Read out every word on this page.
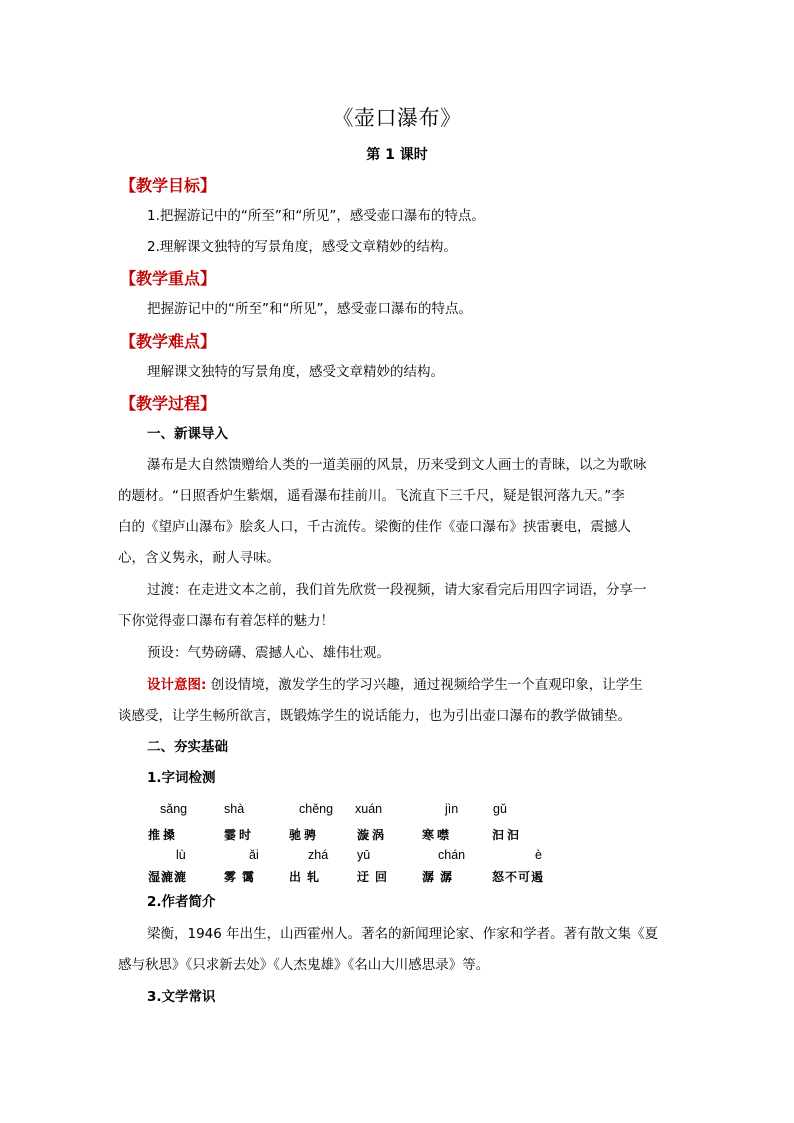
《壶口瀑布》
第 1 课时
【教学目标】
1.把握游记中的“所至”和“所见”，感受壶口瀑布的特点。
2.理解课文独特的写景角度，感受文章精妙的结构。
【教学重点】
把握游记中的“所至”和“所见”，感受壶口瀑布的特点。
【教学难点】
理解课文独特的写景角度，感受文章精妙的结构。
【教学过程】
一、新课导入
瀑布是大自然馈赠给人类的一道美丽的风景，历来受到文人画士的青睐，以之为歌咏
的题材。“日照香炉生紫烟，遥看瀑布挂前川。飞流直下三千尺，疑是银河落九天。”李
白的《望庐山瀑布》脍炙人口，千古流传。梁衡的佳作《壶口瀑布》挟雷裹电，震撼人
心，含义隽永，耐人寻味。
过渡：在走进文本之前，我们首先欣赏一段视频，请大家看完后用四字词语，分享一
下你觉得壶口瀑布有着怎样的魅力！
预设：气势磅礴、震撼人心、雄伟壮观。
设计意图: 创设情境，激发学生的学习兴趣，通过视频给学生一个直观印象，让学生
谈感受，让学生畅所欲言，既锻炼学生的说话能力，也为引出壶口瀑布的教学做铺垫。
二、夯实基础
1.字词检测
sǎng	shà	chěng xuán	jìn	gǔ
推搡	霎时	驰骋	漩涡	寒噤	汩汩
lù	ǎi	zhá yū	chán	è
湿漉漉	雾霭 出轧	迂回 潺潺	怒不可遏
2.作者简介
梁衡，1946 年出生，山西霍州人。著名的新闻理论家、作家和学者。著有散文集《夏
感与秋思》《只求新去处》《人杰鬼雄》《名山大川感思录》等。
3.文学常识
